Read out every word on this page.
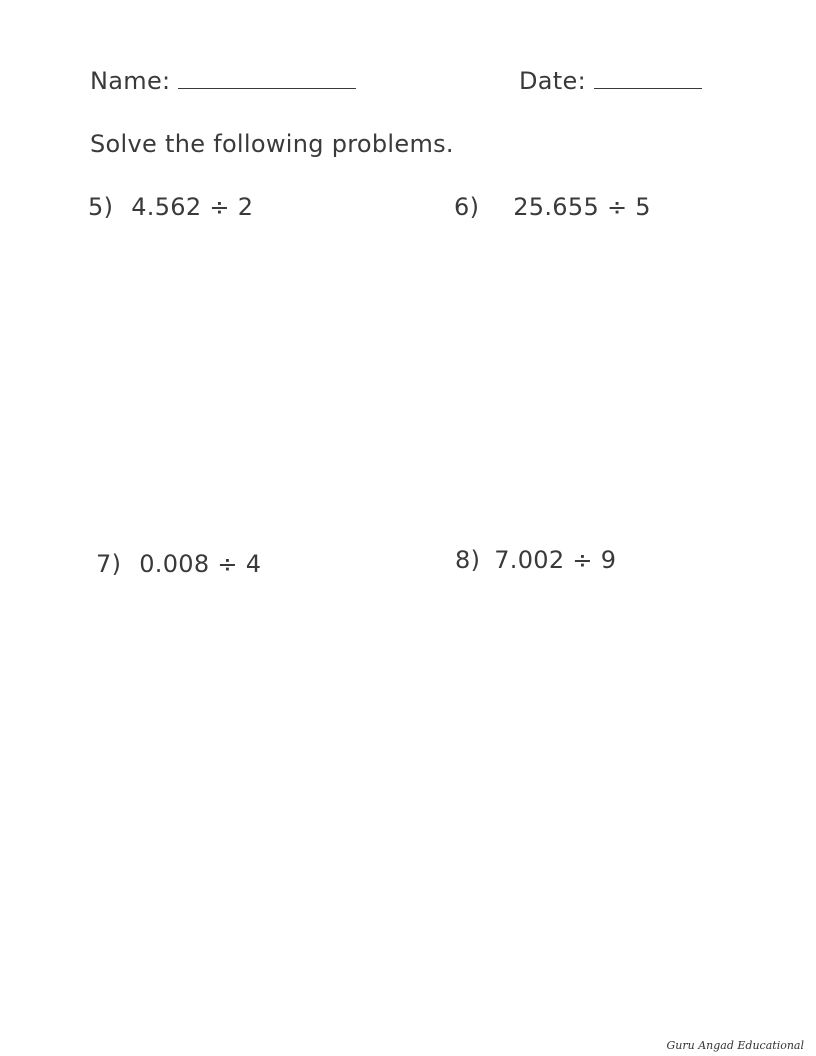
Name:	Date:
Solve the following problems.
5) 4.562 ÷ 2	6) 25.655 ÷ 5
7) 0.008 ÷ 4	8) 7.002 ÷ 9
Guru Angad Educational
